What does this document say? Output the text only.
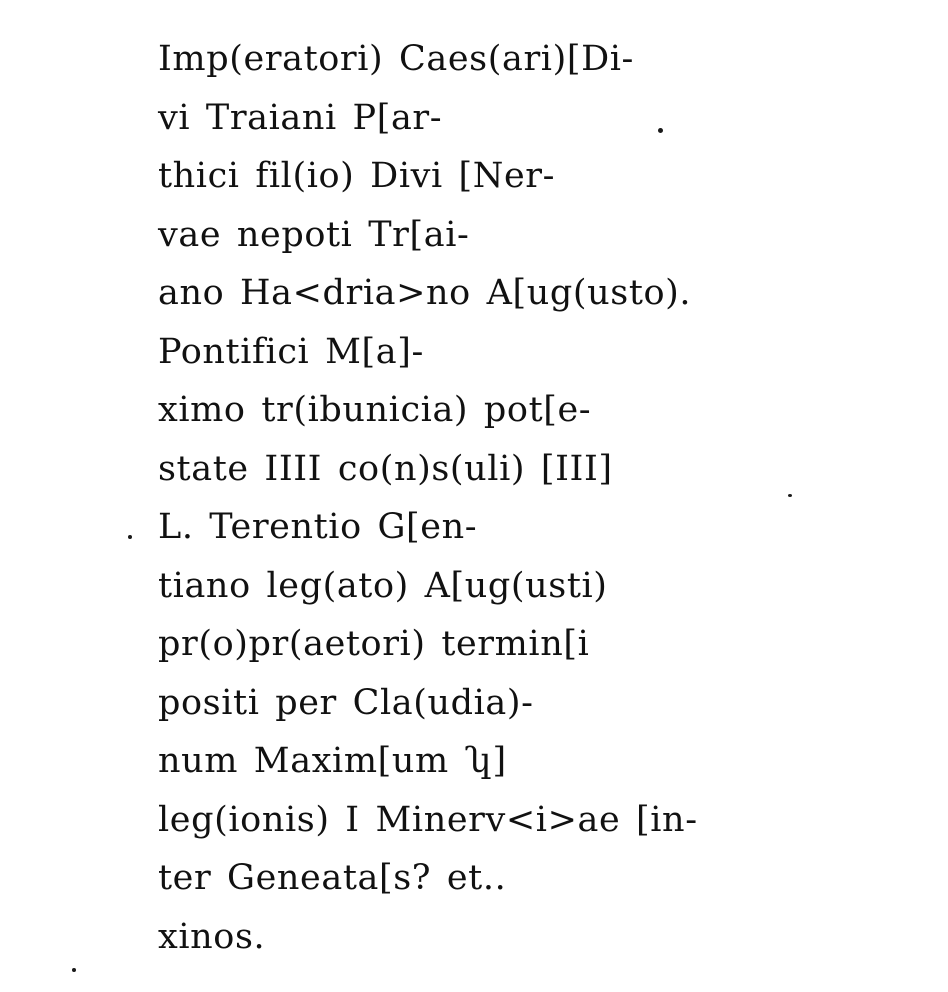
Imp(eratori) Caes(ari)[Di-
vi Traiani P[ar-
thici fil(io) Divi [Ner-
vae nepoti Tr[ai-
ano Ha<dria>no A[ug(usto).
Pontifici M[a]-
ximo tr(ibunicia) pot[e-
state IIII co(n)s(uli) [III]
L. Terentio G[en-
tiano leg(ato) A[ug(usti)
pr(o)pr(aetori) termin[i
positi per Cla(udia)-
num Maxim[um ʮ]
leg(ionis) I Minerv<i>ae [in-
ter Geneata[s? et..
xinos.
